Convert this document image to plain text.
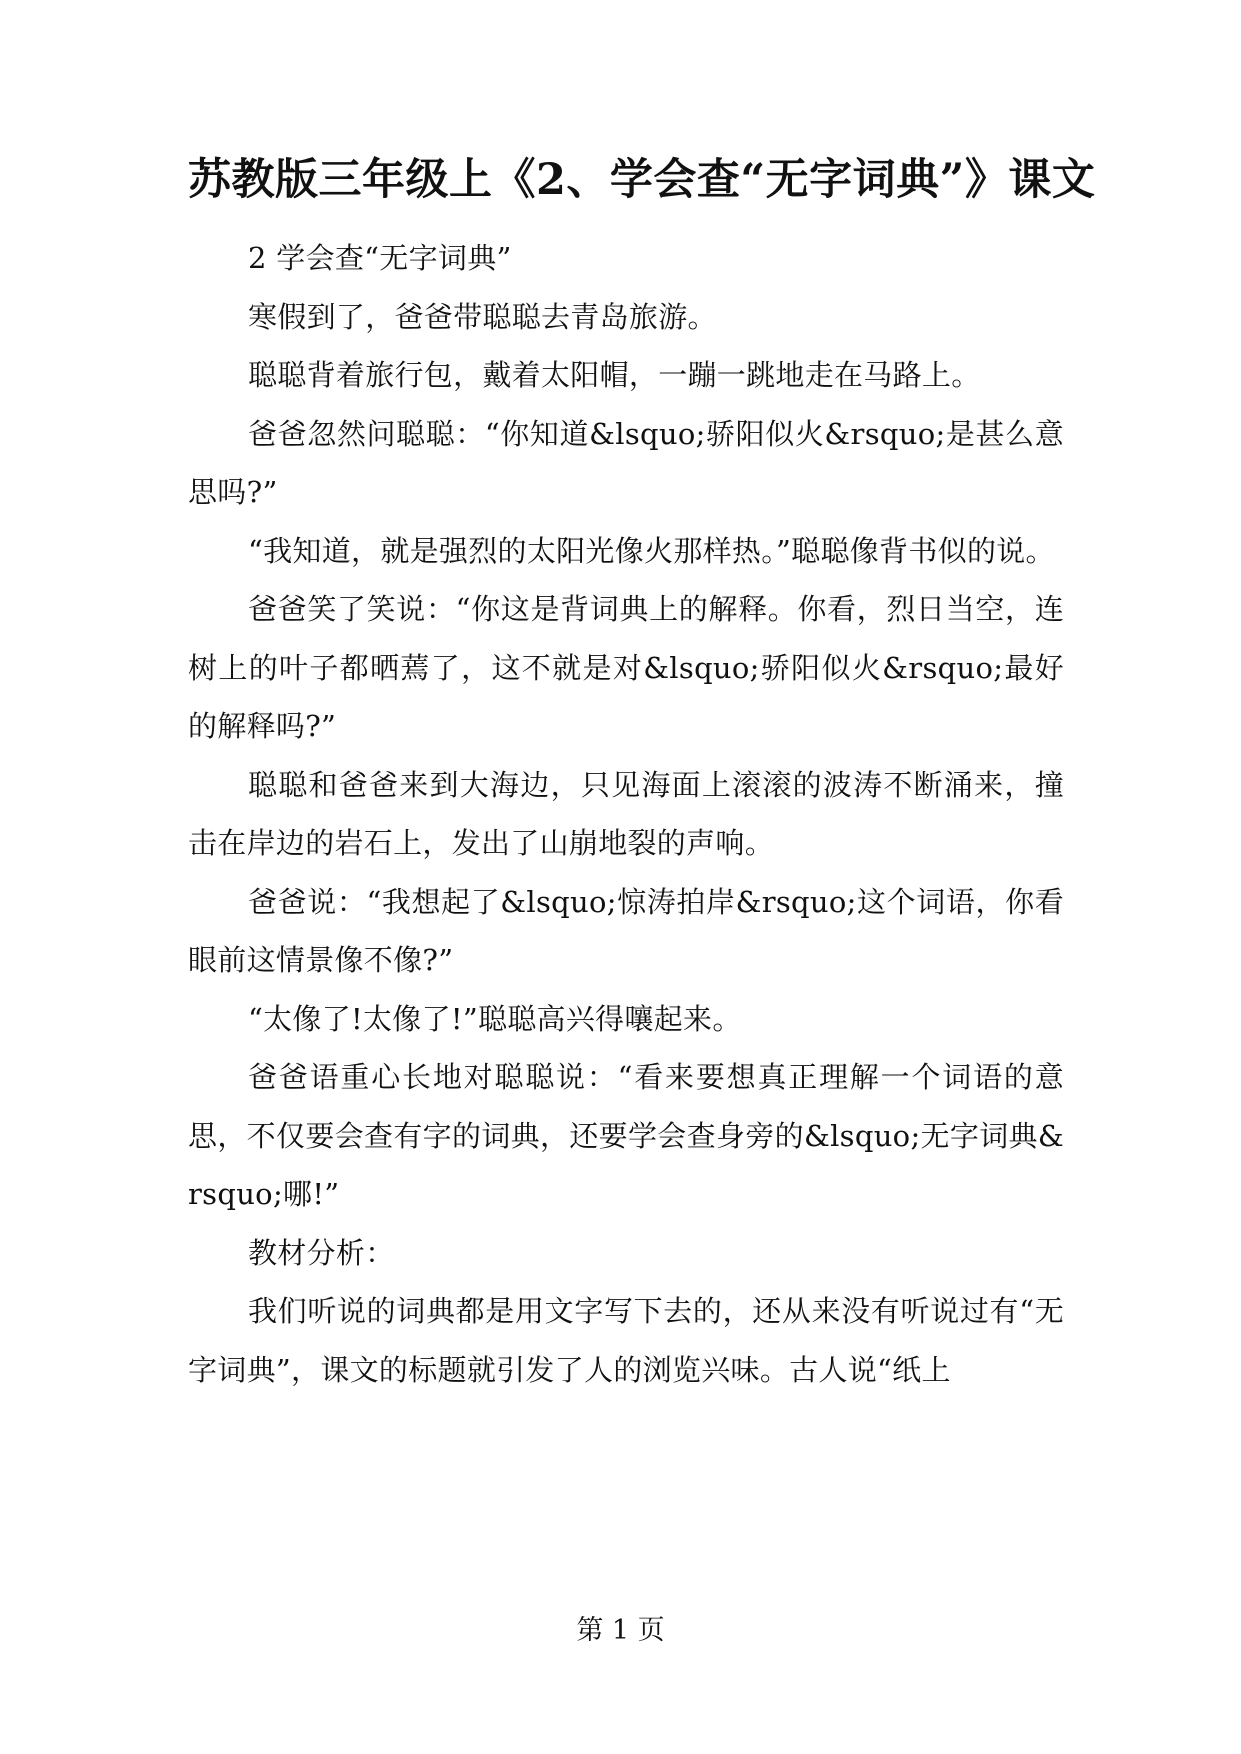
苏教版三年级上《2、学会查“无字词典”》课文

2 学会查“无字词典”

寒假到了，爸爸带聪聪去青岛旅游。

聪聪背着旅行包，戴着太阳帽，一蹦一跳地走在马路上。

爸爸忽然问聪聪：“你知道&lsquo;骄阳似火&rsquo;是甚么意思吗?”

“我知道，就是强烈的太阳光像火那样热。”聪聪像背书似的说。

爸爸笑了笑说：“你这是背词典上的解释。你看，烈日当空，连树上的叶子都晒蔫了，这不就是对&lsquo;骄阳似火&rsquo;最好的解释吗?”

聪聪和爸爸来到大海边，只见海面上滚滚的波涛不断涌来，撞击在岸边的岩石上，发出了山崩地裂的声响。

爸爸说：“我想起了&lsquo;惊涛拍岸&rsquo;这个词语，你看眼前这情景像不像?”

“太像了!太像了!”聪聪高兴得嚷起来。

爸爸语重心长地对聪聪说：“看来要想真正理解一个词语的意思，不仅要会查有字的词典，还要学会查身旁的&lsquo;无字词典&rsquo;哪!”

教材分析：

我们听说的词典都是用文字写下去的，还从来没有听说过有“无字词典”，课文的标题就引发了人的浏览兴味。古人说“纸上

第 1 页
